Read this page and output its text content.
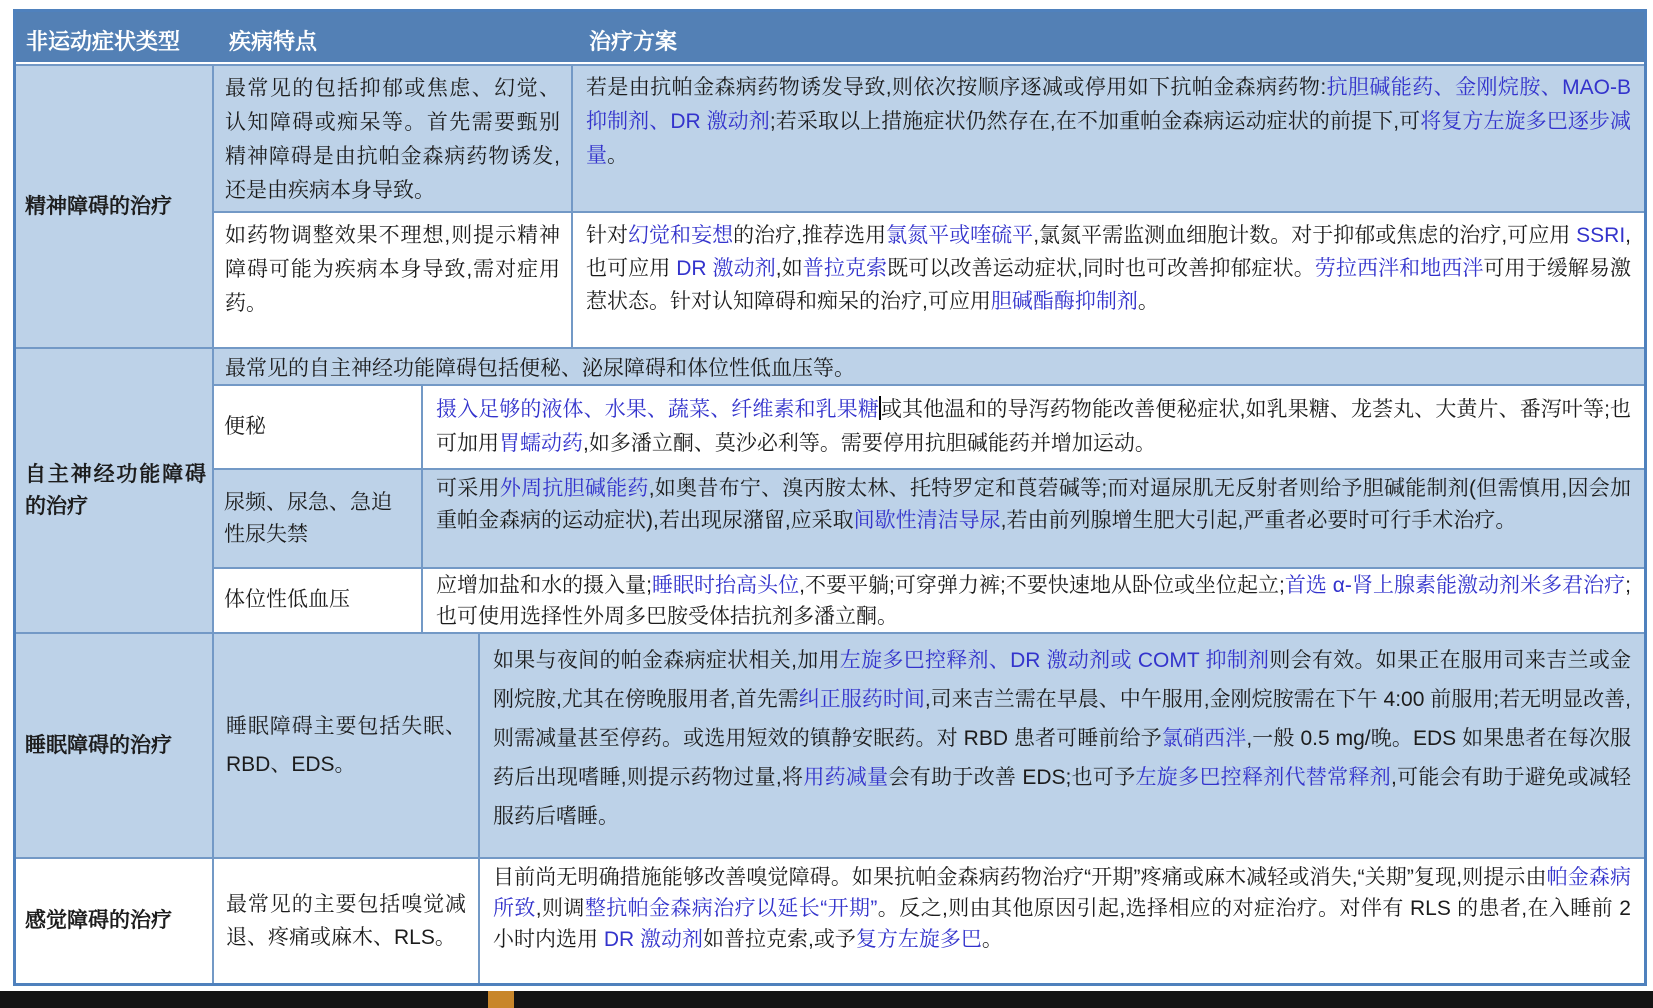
非运动症状类型 疾病特点	治疗方案
精神障碍的治疗
最常见的包括抑郁或焦虑、幻觉、认知障碍或痴呆等。首先需要甄别精神障碍是由抗帕金森病药物诱发,还是由疾病本身导致。
若是由抗帕金森病药物诱发导致,则依次按顺序逐减或停用如下抗帕金森病药物:抗胆碱能药、金刚烷胺、MAO-B 抑制剂、DR 激动剂;若采取以上措施症状仍然存在,在不加重帕金森病运动症状的前提下,可将复方左旋多巴逐步减量。
如药物调整效果不理想,则提示精神障碍可能为疾病本身导致,需对症用药。
针对幻觉和妄想的治疗,推荐选用氯氮平或喹硫平,氯氮平需监测血细胞计数。对于抑郁或焦虑的治疗,可应用 SSRI,也可应用 DR 激动剂,如普拉克索既可以改善运动症状,同时也可改善抑郁症状。劳拉西泮和地西泮可用于缓解易激惹状态。针对认知障碍和痴呆的治疗,可应用胆碱酯酶抑制剂。
自主神经功能障碍的治疗
最常见的自主神经功能障碍包括便秘、泌尿障碍和体位性低血压等。
便秘
摄入足够的液体、水果、蔬菜、纤维素和乳果糖或其他温和的导泻药物能改善便秘症状,如乳果糖、龙荟丸、大黄片、番泻叶等;也可加用胃蠕动药,如多潘立酮、莫沙必利等。需要停用抗胆碱能药并增加运动。
尿频、尿急、急迫性尿失禁
可采用外周抗胆碱能药,如奥昔布宁、溴丙胺太林、托特罗定和莨菪碱等;而对逼尿肌无反射者则给予胆碱能制剂(但需慎用,因会加重帕金森病的运动症状),若出现尿潴留,应采取间歇性清洁导尿,若由前列腺增生肥大引起,严重者必要时可行手术治疗。
体位性低血压
应增加盐和水的摄入量;睡眠时抬高头位,不要平躺;可穿弹力裤;不要快速地从卧位或坐位起立;首选 α-肾上腺素能激动剂米多君治疗;也可使用选择性外周多巴胺受体拮抗剂多潘立酮。
睡眠障碍的治疗
睡眠障碍主要包括失眠、RBD、EDS。
如果与夜间的帕金森病症状相关,加用左旋多巴控释剂、DR 激动剂或 COMT 抑制剂则会有效。如果正在服用司来吉兰或金刚烷胺,尤其在傍晚服用者,首先需纠正服药时间,司来吉兰需在早晨、中午服用,金刚烷胺需在下午 4:00 前服用;若无明显改善,则需减量甚至停药。或选用短效的镇静安眠药。对 RBD 患者可睡前给予氯硝西泮,一般 0.5 mg/晚。EDS 如果患者在每次服药后出现嗜睡,则提示药物过量,将用药减量会有助于改善 EDS;也可予左旋多巴控释剂代替常释剂,可能会有助于避免或减轻服药后嗜睡。
感觉障碍的治疗
最常见的主要包括嗅觉减退、疼痛或麻木、RLS。
目前尚无明确措施能够改善嗅觉障碍。如果抗帕金森病药物治疗“开期”疼痛或麻木减轻或消失,“关期”复现,则提示由帕金森病所致,则调整抗帕金森病治疗以延长“开期”。反之,则由其他原因引起,选择相应的对症治疗。对伴有 RLS 的患者,在入睡前 2 小时内选用 DR 激动剂如普拉克索,或予复方左旋多巴。
